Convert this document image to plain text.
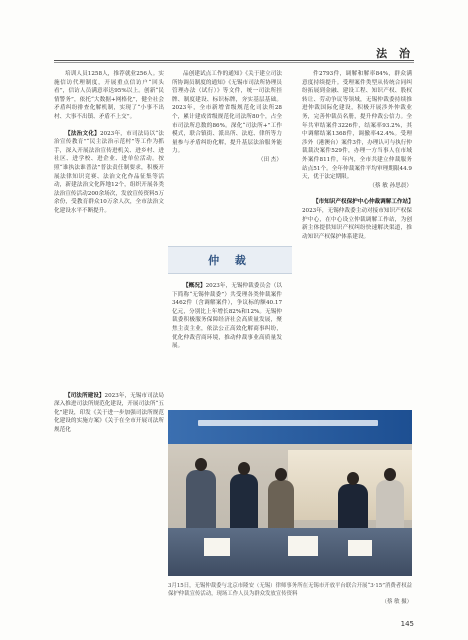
法 治

培训人员1258人，推荐就业256人。实施信访代理制度，开展重点信访户“回头看”，信访人员满意率达95%以上。创新“民情警务”，依托“大数据+网格化”，健全社会矛盾纠纷排查化解机制，实现了“小事不出村、大事不出镇、矛盾不上交”。

【法治文化】2023年，市司法局以“法治宣传教育”“民主法治示范村”等工作为抓手，深入开展法治宣传进机关、进乡村、进社区、进学校、进企业、进单位活动。按照“谁执法谁普法”普法责任制要求，积极开展法律知识竞赛、法治文化作品征集等活动，新建法治文化阵地12个，组织开展各类法治宣传活动200余场次，发放宣传资料5万余份，受教育群众10万余人次，全市法治文化建设水平不断提升。

【司法所建设】2023年，无锡市司法局深入推进司法所规范化建设，开展司法所“五化”建设，印发《关于进一步加强司法所规范化建设的实施方案》《关于在全市开展司法所规范化

品创建试点工作的通知》《关于建立司法所协调员制度的通知》《无锡市司法所协理员管理办法（试行）》等文件，统一司法所挂牌、制度建设、标识标牌，夯实基层基础。2023年，全市新增省级规范化司法所28个，累计建成省级规范化司法所80个，占全市司法所总数的86%。深化“司法所+”工作模式，联合镇街、派出所、法庭、律所等力量参与矛盾纠纷化解，提升基层法治服务能力。

（田 杰）

仲 裁

【概况】2023年，无锡仲裁委员会（以下简称“无锡仲裁委”）共受理各类仲裁案件3462件（含调解案件），争议标的额40.17亿元，分别比上年增长82%和12%。无锡仲裁委积极服务保障经济社会高质量发展，聚焦主责主业，依法公正高效化解商事纠纷，优化仲裁营商环境，推动仲裁事业高质量发展。

件2793件，调解和解率84%，群众满意度持续提升。受理案件类型从传统合同纠纷拓展到金融、建设工程、知识产权、股权转让、劳动争议等领域，无锡仲裁委持续推进仲裁国际化建设，积极开展涉外仲裁业务，完善仲裁员名册，提升仲裁公信力。全年共审结案件3226件，结案率93.2%，其中调解结案1368件，调撤率42.4%。受理涉外（港澳台）案件3件，办理认可与执行仲裁裁决案件529件，办理一方当事人在市域外案件811件，年内，全市共建立仲裁服务站点51个。全年仲裁案件平均审理期限44.9天，优于法定期限。

（蔡 敏 孙思晨）

【市知识产权保护中心仲裁调解工作站】2023年，无锡仲裁委主动对接市知识产权保护中心，在中心设立仲裁调解工作站，为创新主体提供知识产权纠纷快速解决渠道，推动知识产权保护体系建设。

3月15日，无锡仲裁委与北京市隆安（无锡）律师事务所在无锡市开放平台联合开展“3·15”消费者权益保护仲裁宣传活动，现场工作人员为群众发放宣传资料
（蔡 敏 摄）
145
